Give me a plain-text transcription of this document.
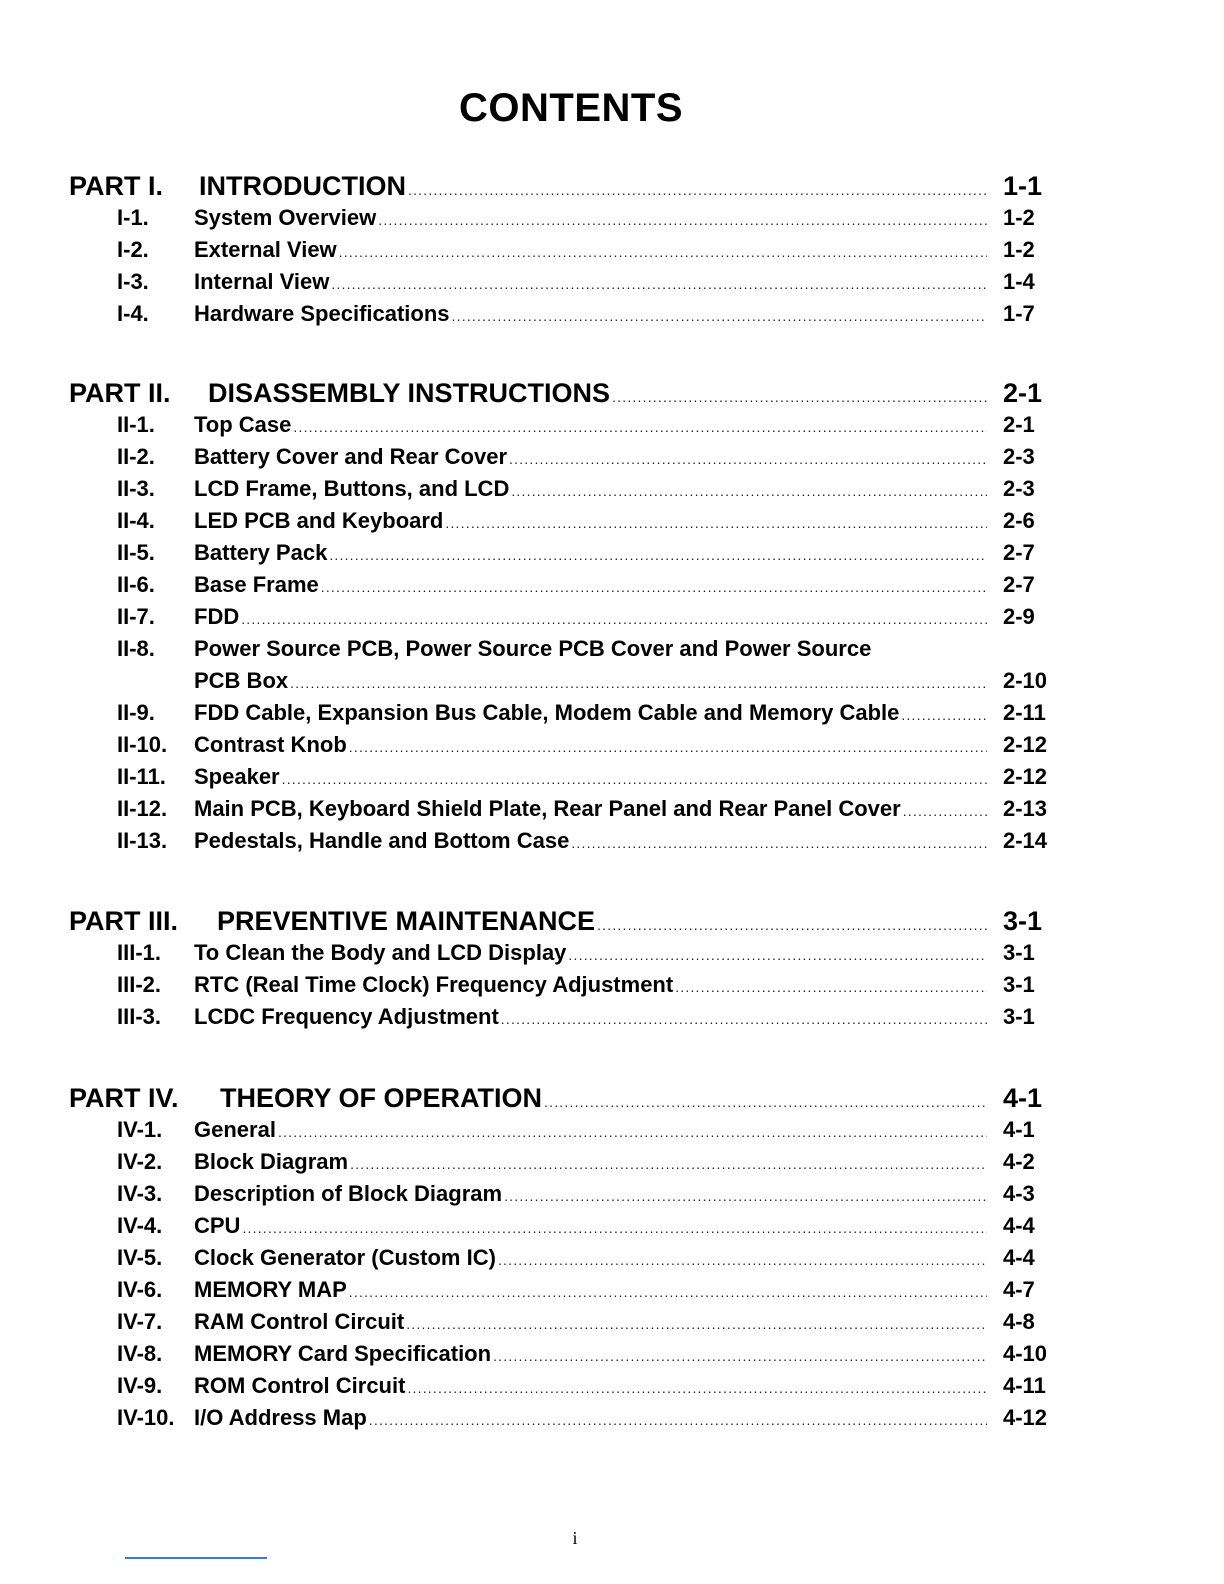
CONTENTS
PART I.	INTRODUCTION .....	1-1
I-1.	System Overview .....	1-2
I-2.	External View .....	1-2
I-3.	Internal View .....	1-4
I-4.	Hardware Specifications .....	1-7
PART II.	DISASSEMBLY INSTRUCTIONS .....	2-1
II-1.	Top Case .....	2-1
II-2.	Battery Cover and Rear Cover .....	2-3
II-3.	LCD Frame, Buttons, and LCD .....	2-3
II-4.	LED PCB and Keyboard .....	2-6
II-5.	Battery Pack .....	2-7
II-6.	Base Frame .....	2-7
II-7.	FDD .....	2-9
II-8.	Power Source PCB, Power Source PCB Cover and Power Source
PCB Box .....	2-10
II-9.	FDD Cable, Expansion Bus Cable, Modem Cable and Memory Cable .....	2-11
II-10.	Contrast Knob .....	2-12
II-11.	Speaker .....	2-12
II-12.	Main PCB, Keyboard Shield Plate, Rear Panel and Rear Panel Cover .....	2-13
II-13.	Pedestals, Handle and Bottom Case .....	2-14
PART III.	PREVENTIVE MAINTENANCE .....	3-1
III-1.	To Clean the Body and LCD Display .....	3-1
III-2.	RTC (Real Time Clock) Frequency Adjustment .....	3-1
III-3.	LCDC Frequency Adjustment .....	3-1
PART IV.	THEORY OF OPERATION .....	4-1
IV-1.	General .....	4-1
IV-2.	Block Diagram .....	4-2
IV-3.	Description of Block Diagram .....	4-3
IV-4.	CPU .....	4-4
IV-5.	Clock Generator (Custom IC) .....	4-4
IV-6.	MEMORY MAP .....	4-7
IV-7.	RAM Control Circuit .....	4-8
IV-8.	MEMORY Card Specification .....	4-10
IV-9.	ROM Control Circuit .....	4-11
IV-10. I/O Address Map .....	4-12
i
